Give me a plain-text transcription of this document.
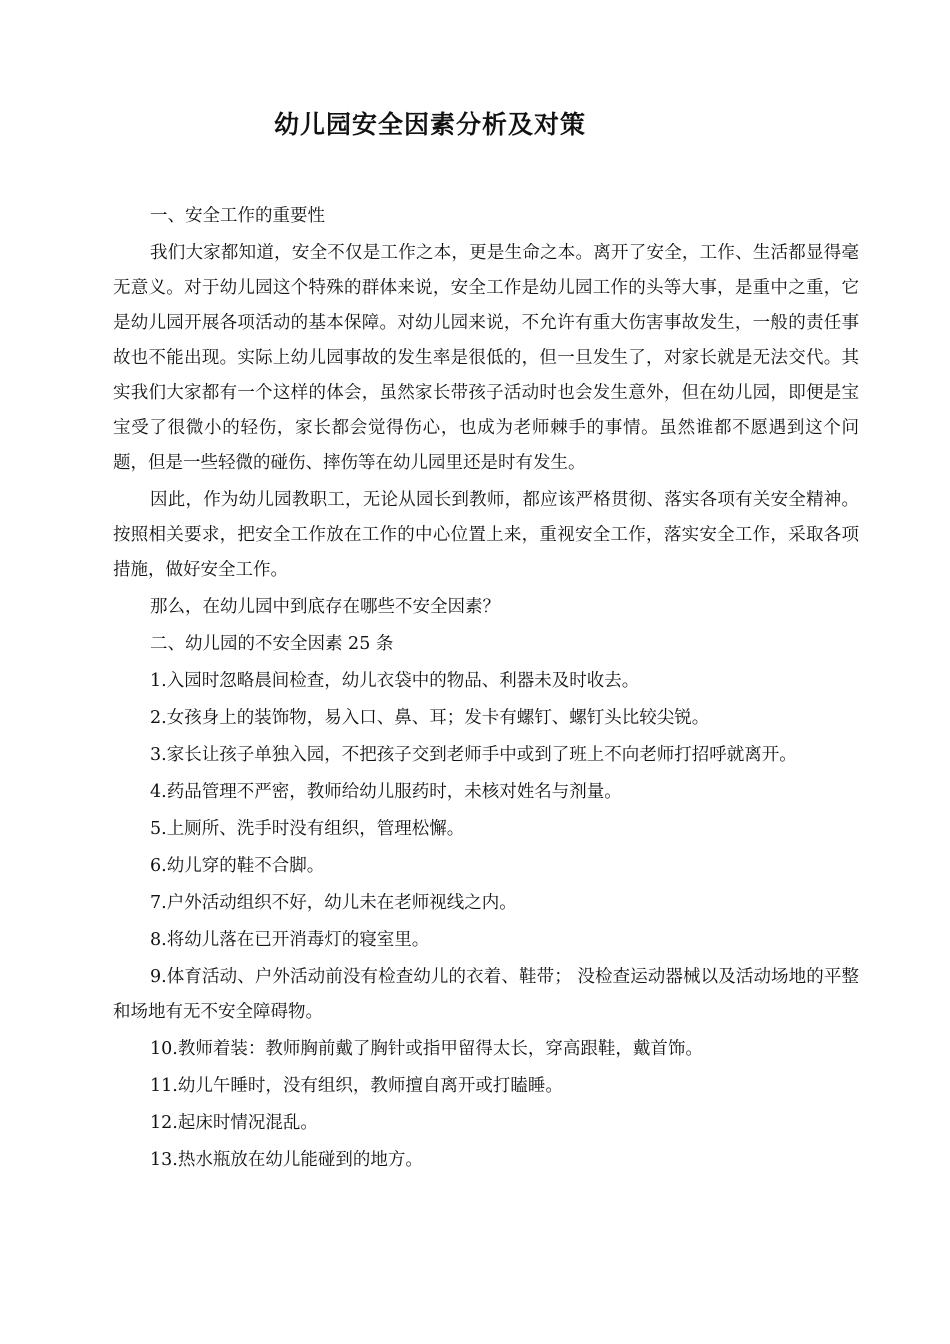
幼儿园安全因素分析及对策

一、安全工作的重要性

我们大家都知道，安全不仅是工作之本，更是生命之本。离开了安全，工作、生活都显得毫无意义。对于幼儿园这个特殊的群体来说，安全工作是幼儿园工作的头等大事，是重中之重，它是幼儿园开展各项活动的基本保障。对幼儿园来说，不允许有重大伤害事故发生，一般的责任事故也不能出现。实际上幼儿园事故的发生率是很低的，但一旦发生了，对家长就是无法交代。其实我们大家都有一个这样的体会，虽然家长带孩子活动时也会发生意外，但在幼儿园，即便是宝宝受了很微小的轻伤，家长都会觉得伤心，也成为老师棘手的事情。虽然谁都不愿遇到这个问题，但是一些轻微的碰伤、摔伤等在幼儿园里还是时有发生。

因此，作为幼儿园教职工，无论从园长到教师，都应该严格贯彻、落实各项有关安全精神。按照相关要求，把安全工作放在工作的中心位置上来，重视安全工作，落实安全工作，采取各项措施，做好安全工作。

那么，在幼儿园中到底存在哪些不安全因素？

二、幼儿园的不安全因素 25 条

1.入园时忽略晨间检查，幼儿衣袋中的物品、利器未及时收去。

2.女孩身上的装饰物，易入口、鼻、耳；发卡有螺钉、螺钉头比较尖锐。

3.家长让孩子单独入园，不把孩子交到老师手中或到了班上不向老师打招呼就离开。

4.药品管理不严密，教师给幼儿服药时，未核对姓名与剂量。

5.上厕所、洗手时没有组织，管理松懈。

6.幼儿穿的鞋不合脚。

7.户外活动组织不好，幼儿未在老师视线之内。

8.将幼儿落在已开消毒灯的寝室里。

9.体育活动、户外活动前没有检查幼儿的衣着、鞋带； 没检查运动器械以及活动场地的平整和场地有无不安全障碍物。

10.教师着装：教师胸前戴了胸针或指甲留得太长，穿高跟鞋，戴首饰。

11.幼儿午睡时，没有组织，教师擅自离开或打瞌睡。

12.起床时情况混乱。

13.热水瓶放在幼儿能碰到的地方。
